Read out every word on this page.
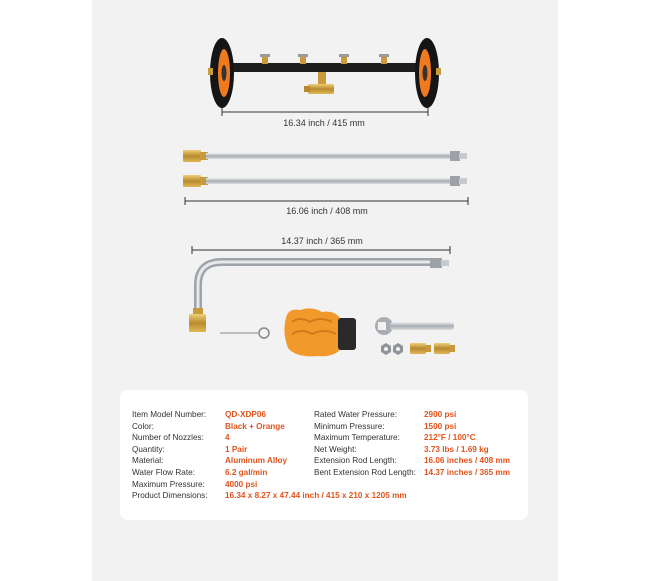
16.34 inch / 415 mm
16.06 inch / 408 mm
14.37 inch / 365 mm
Item Model Number:	QD-XDP06
Color:	Black + Orange
Number of Nozzles:	4
Quantity:	1 Pair
Material:	Aluminum Alloy
Water Flow Rate:	6.2 gal/min
Maximum Pressure:	4000 psi
Product Dimensions:	16.34 x 8.27 x 47.44 inch / 415 x 210 x 1205 mm
Rated Water Pressure:	2900 psi
Minimum Pressure:	1500 psi
Maximum Temperature:	212°F / 100°C
Net Weight:	3.73 lbs / 1.69 kg
Extension Rod Length:	16.06 inches / 408 mm
Bent Extension Rod Length: 14.37 inches / 365 mm
